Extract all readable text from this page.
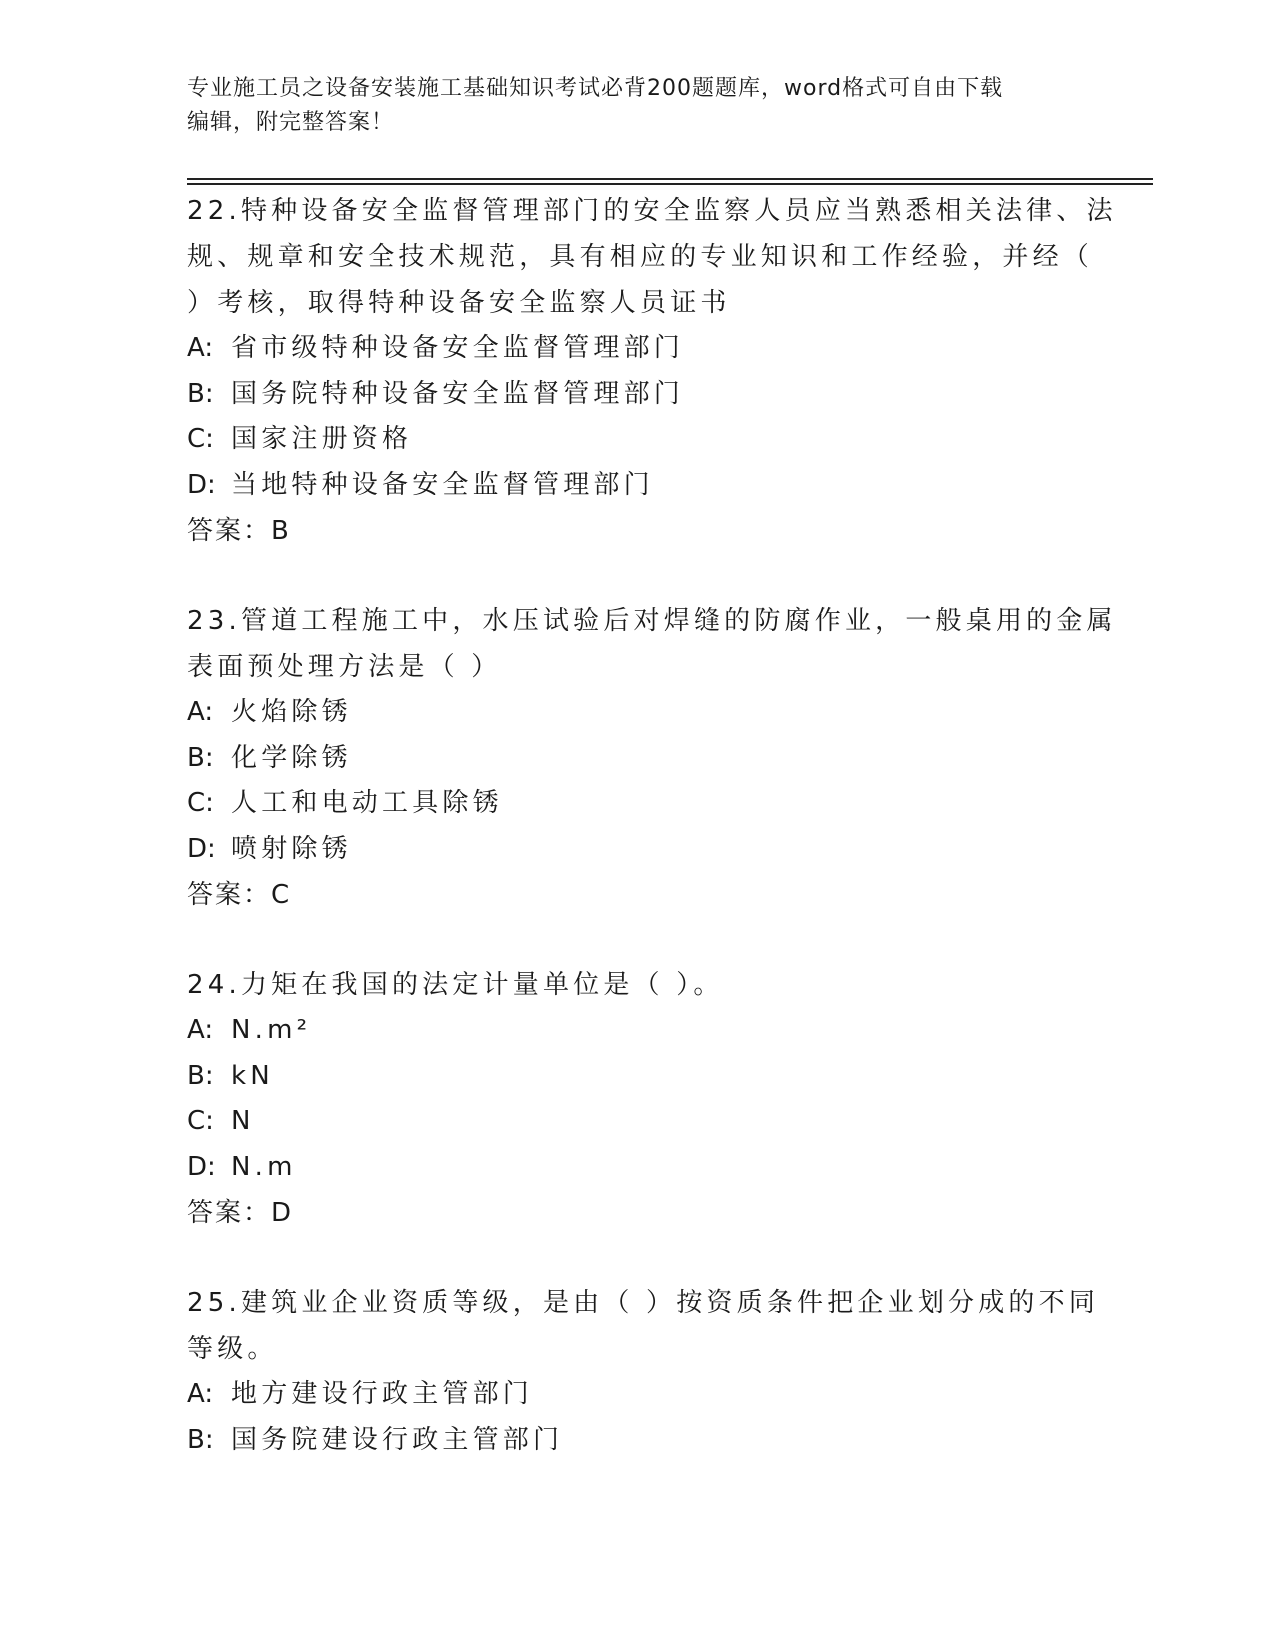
专业施工员之设备安装施工基础知识考试必背200题题库，word格式可自由下载
编辑，附完整答案！
22.特种设备安全监督管理部门的安全监察人员应当熟悉相关法律、法
规、规章和安全技术规范，具有相应的专业知识和工作经验，并经（
）考核，取得特种设备安全监察人员证书
A: 省市级特种设备安全监督管理部门
B: 国务院特种设备安全监督管理部门
C: 国家注册资格
D: 当地特种设备安全监督管理部门
答案：B
23.管道工程施工中，水压试验后对焊缝的防腐作业，一般桌用的金属
表面预处理方法是（ ）
A: 火焰除锈
B: 化学除锈
C: 人工和电动工具除锈
D: 喷射除锈
答案：C
24.力矩在我国的法定计量单位是（ ）。
A: N.m²
B: kN
C: N
D: N.m
答案：D
25.建筑业企业资质等级，是由（ ）按资质条件把企业划分成的不同
等级。
A: 地方建设行政主管部门
B: 国务院建设行政主管部门
